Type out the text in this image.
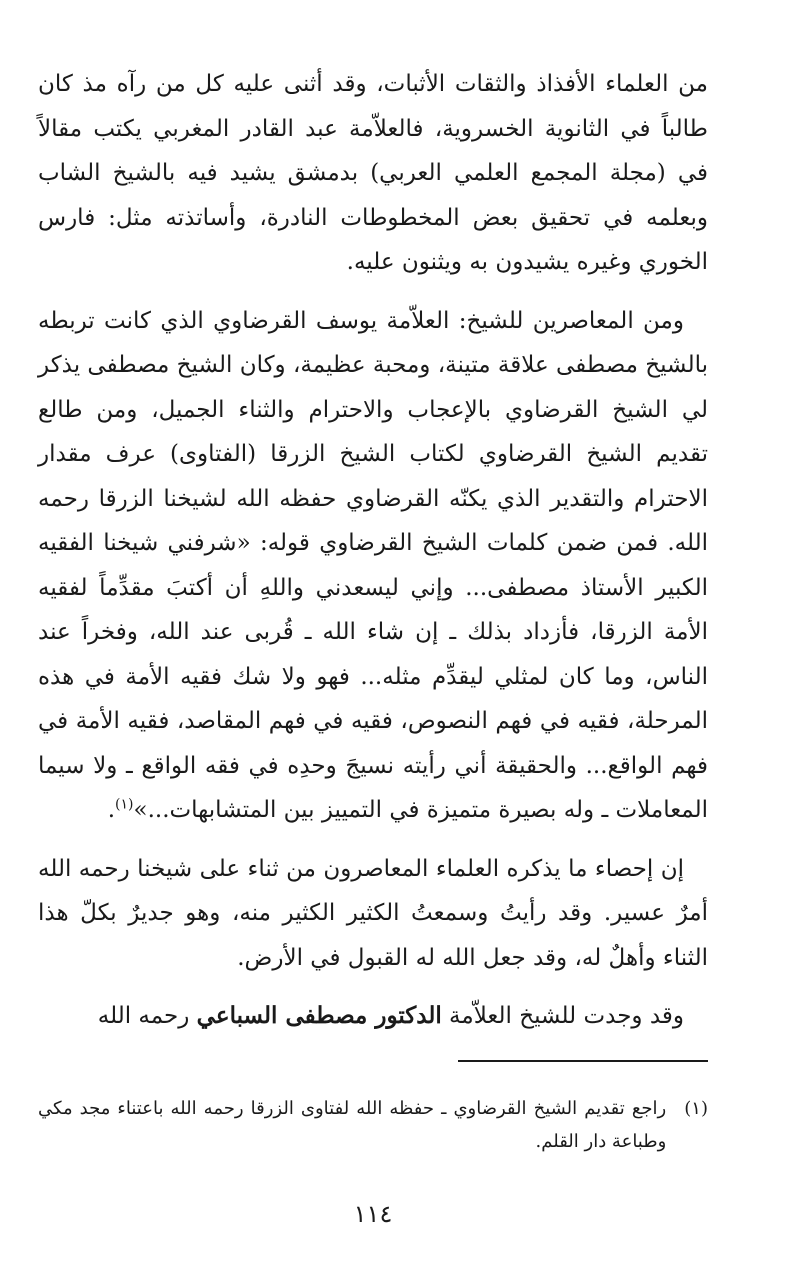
من العلماء الأفذاذ والثقات الأثبات، وقد أثنى عليه كل من رآه مذ كان طالباً في الثانوية الخسروية، فالعلاّمة عبد القادر المغربي يكتب مقالاً في (مجلة المجمع العلمي العربي) بدمشق يشيد فيه بالشيخ الشاب وبعلمه في تحقيق بعض المخطوطات النادرة، وأساتذته مثل: فارس الخوري وغيره يشيدون به ويثنون عليه.

ومن المعاصرين للشيخ: العلاّمة يوسف القرضاوي الذي كانت تربطه بالشيخ مصطفى علاقة متينة، ومحبة عظيمة، وكان الشيخ مصطفى يذكر لي الشيخ القرضاوي بالإعجاب والاحترام والثناء الجميل، ومن طالع تقديم الشيخ القرضاوي لكتاب الشيخ الزرقا (الفتاوى) عرف مقدار الاحترام والتقدير الذي يكنّه القرضاوي حفظه الله لشيخنا الزرقا رحمه الله. فمن ضمن كلمات الشيخ القرضاوي قوله: «شرفني شيخنا الفقيه الكبير الأستاذ مصطفى... وإني ليسعدني واللهِ أن أكتبَ مقدِّماً لفقيه الأمة الزرقا، فأزداد بذلك ـ إن شاء الله ـ قُربى عند الله، وفخراً عند الناس، وما كان لمثلي ليقدِّم مثله... فهو ولا شك فقيه الأمة في هذه المرحلة، فقيه في فهم النصوص، فقيه في فهم المقاصد، فقيه الأمة في فهم الواقع... والحقيقة أني رأيته نسيجَ وحدِه في فقه الواقع ـ ولا سيما المعاملات ـ وله بصيرة متميزة في التمييز بين المتشابهات...»$^{(١)}$.

إن إحصاء ما يذكره العلماء المعاصرون من ثناء على شيخنا رحمه الله أمرٌ عسير. وقد رأيتُ وسمعتُ الكثير الكثير منه، وهو جديرٌ بكلّ هذا الثناء وأهلٌ له، وقد جعل الله له القبول في الأرض.

وقد وجدت للشيخ العلاّمة الدكتور مصطفى السباعي رحمه الله

(١)
راجع تقديم الشيخ القرضاوي ـ حفظه الله لفتاوى الزرقا رحمه الله باعتناء مجد مكي وطباعة دار القلم.

١١٤
